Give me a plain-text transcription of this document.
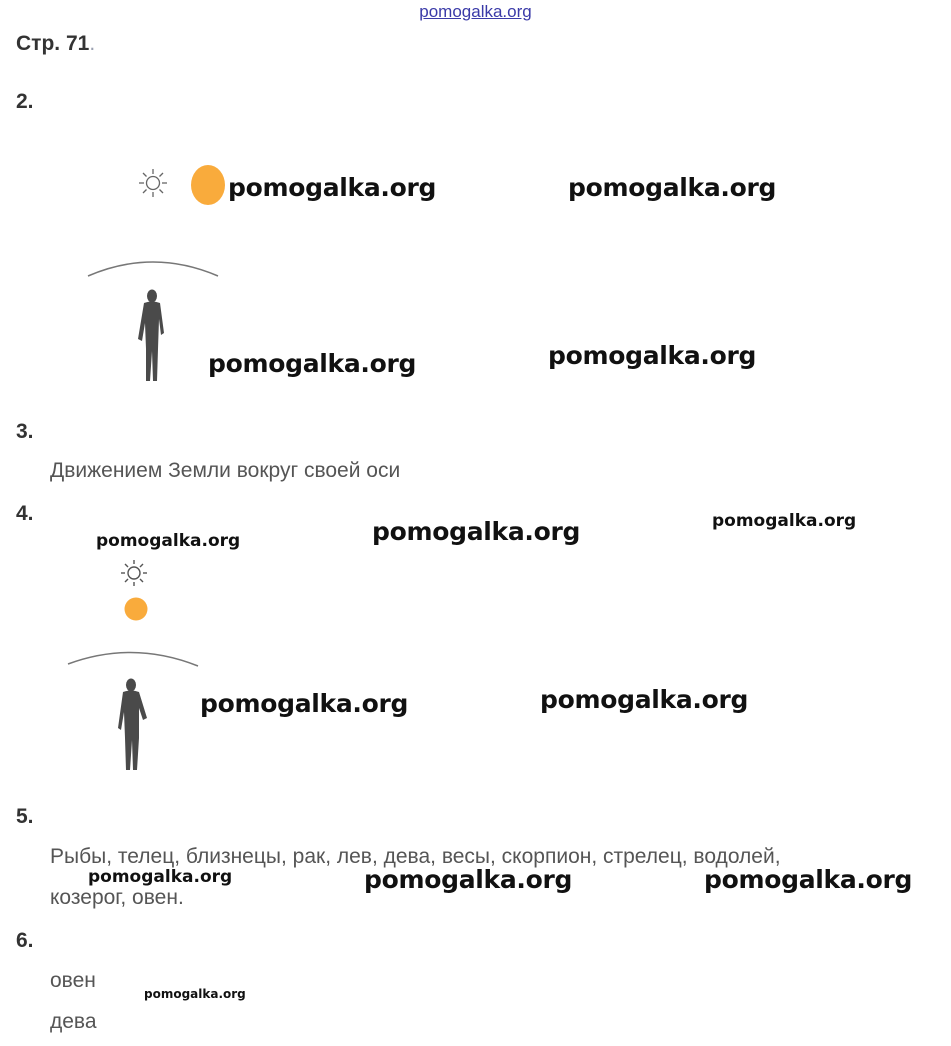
pomogalka.org
Стр. 71.
2.
pomogalka.org	pomogalka.org
pomogalka.org	pomogalka.org
3.
Движением Земли вокруг своей оси
4.
pomogalka.org	pomogalka.org	pomogalka.org
pomogalka.org	pomogalka.org
5.
Рыбы, телец, близнецы, рак, лев, дева, весы, скорпион, стрелец, водолей,
козерог, овен.
pomogalka.org	pomogalka.org	pomogalka.org
6.
овен
дева
pomogalka.org
